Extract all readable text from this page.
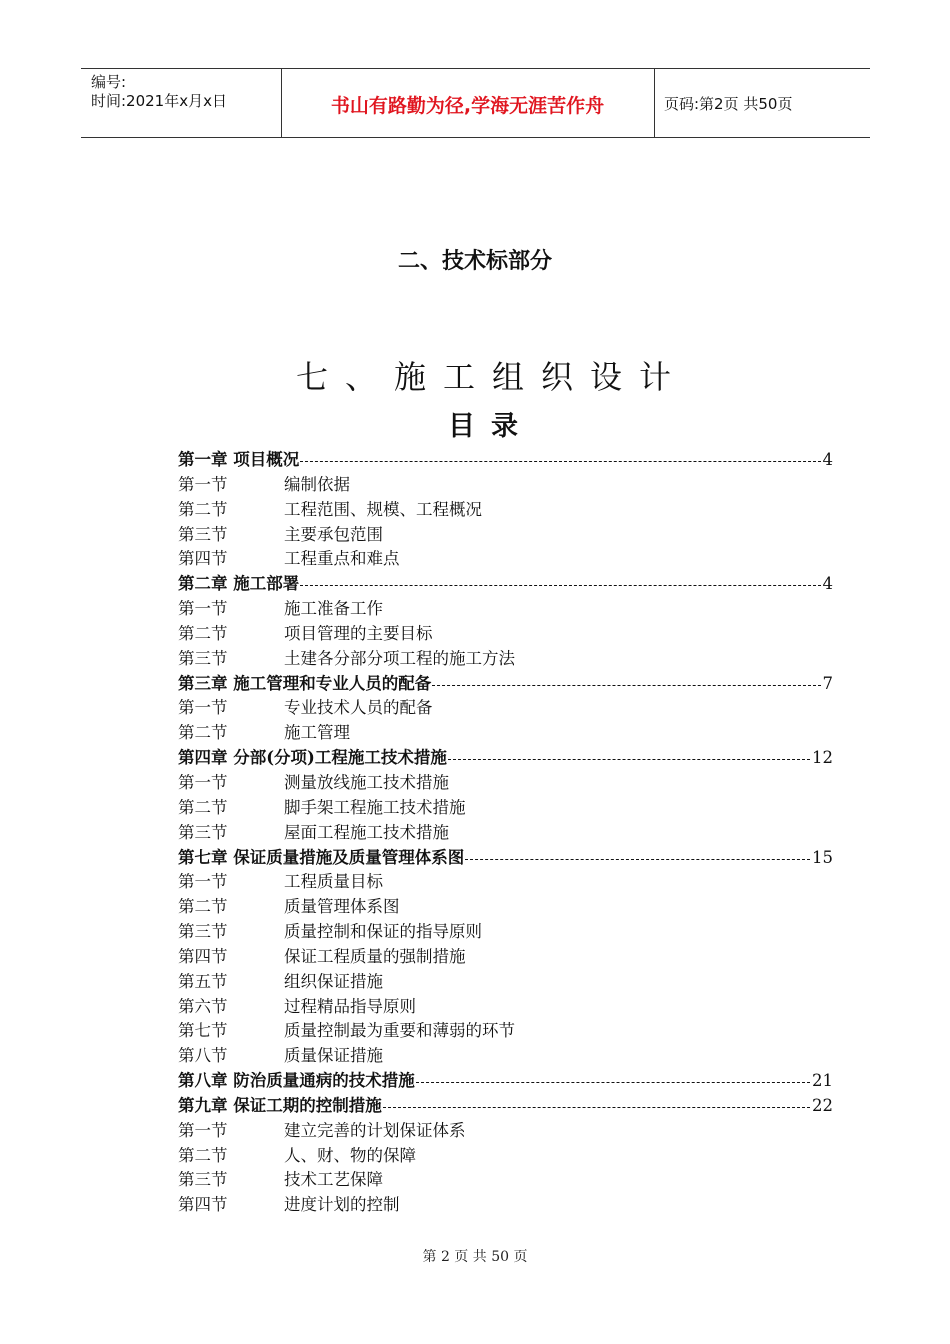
编号:
时间:2021年x月x日	书山有路勤为径,学海无涯苦作舟	页码:第2页 共50页
二、技术标部分
七、施工组织设计
目录
第一章 项目概况	4
第一节	编制依据
第二节	工程范围、规模、工程概况
第三节	主要承包范围
第四节	工程重点和难点
第二章 施工部署	4
第一节	施工准备工作
第二节	项目管理的主要目标
第三节	土建各分部分项工程的施工方法
第三章 施工管理和专业人员的配备	7
第一节	专业技术人员的配备
第二节	施工管理
第四章 分部(分项)工程施工技术措施	12
第一节	测量放线施工技术措施
第二节	脚手架工程施工技术措施
第三节	屋面工程施工技术措施
第七章 保证质量措施及质量管理体系图	15
第一节	工程质量目标
第二节	质量管理体系图
第三节	质量控制和保证的指导原则
第四节	保证工程质量的强制措施
第五节	组织保证措施
第六节	过程精品指导原则
第七节	质量控制最为重要和薄弱的环节
第八节	质量保证措施
第八章 防治质量通病的技术措施	21
第九章 保证工期的控制措施	22
第一节	建立完善的计划保证体系
第二节	人、财、物的保障
第三节	技术工艺保障
第四节	进度计划的控制
第 2 页 共 50 页
